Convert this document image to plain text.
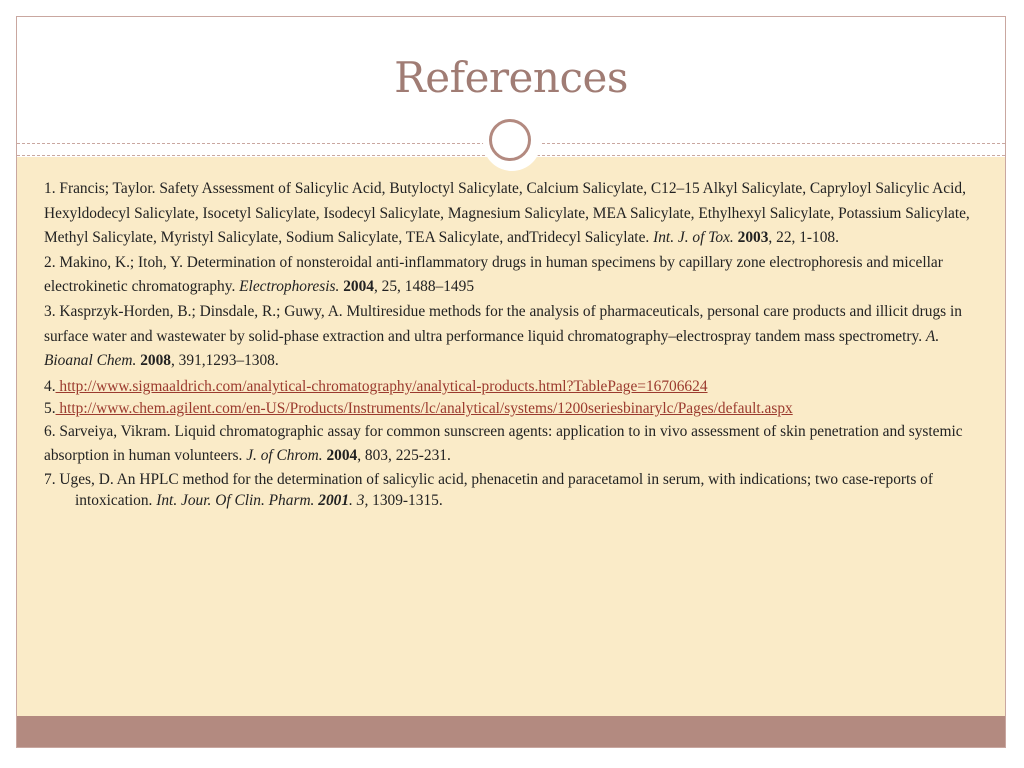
References

1. Francis; Taylor. Safety Assessment of Salicylic Acid, Butyloctyl Salicylate, Calcium Salicylate, C12–15 Alkyl Salicylate, Capryloyl Salicylic Acid, Hexyldodecyl Salicylate, Isocetyl Salicylate, Isodecyl Salicylate, Magnesium Salicylate, MEA Salicylate, Ethylhexyl Salicylate, Potassium Salicylate, Methyl Salicylate, Myristyl Salicylate, Sodium Salicylate, TEA Salicylate, andTridecyl Salicylate. Int. J. of Tox. 2003, 22, 1-108.

2. Makino, K.; Itoh, Y. Determination of nonsteroidal anti-inflammatory drugs in human specimens by capillary zone electrophoresis and micellar electrokinetic chromatography. Electrophoresis. 2004, 25, 1488–1495

3. Kasprzyk-Horden, B.; Dinsdale, R.; Guwy, A. Multiresidue methods for the analysis of pharmaceuticals, personal care products and illicit drugs in surface water and wastewater by solid-phase extraction and ultra performance liquid chromatography–electrospray tandem mass spectrometry. A. Bioanal Chem. 2008, 391,1293–1308.

4. http://www.sigmaaldrich.com/analytical-chromatography/analytical-products.html?TablePage=16706624

5. http://www.chem.agilent.com/en-US/Products/Instruments/lc/analytical/systems/1200seriesbinarylc/Pages/default.aspx

6. Sarveiya, Vikram. Liquid chromatographic assay for common sunscreen agents: application to in vivo assessment of skin penetration and systemic absorption in human volunteers. J. of Chrom. 2004, 803, 225-231.

7. Uges, D. An HPLC method for the determination of salicylic acid, phenacetin and paracetamol in serum, with indications; two case-reports of intoxication. Int. Jour. Of Clin. Pharm. 2001. 3, 1309-1315.
